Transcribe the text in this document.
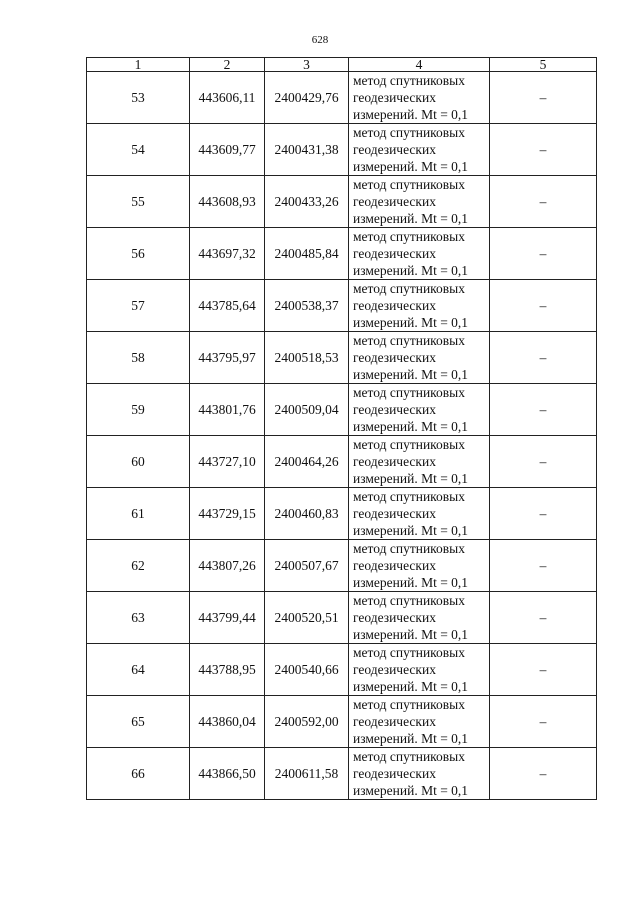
628
1	2	3	4	5
53	443606,11	2400429,76	метод спутниковых
геодезических
измерений. Mt = 0,1	–
54	443609,77	2400431,38	метод спутниковых
геодезических
измерений. Mt = 0,1	–
55	443608,93	2400433,26	метод спутниковых
геодезических
измерений. Mt = 0,1	–
56	443697,32	2400485,84	метод спутниковых
геодезических
измерений. Mt = 0,1	–
57	443785,64	2400538,37	метод спутниковых
геодезических
измерений. Mt = 0,1	–
58	443795,97	2400518,53	метод спутниковых
геодезических
измерений. Mt = 0,1	–
59	443801,76	2400509,04	метод спутниковых
геодезических
измерений. Mt = 0,1	–
60	443727,10	2400464,26	метод спутниковых
геодезических
измерений. Mt = 0,1	–
61	443729,15	2400460,83	метод спутниковых
геодезических
измерений. Mt = 0,1	–
62	443807,26	2400507,67	метод спутниковых
геодезических
измерений. Mt = 0,1	–
63	443799,44	2400520,51	метод спутниковых
геодезических
измерений. Mt = 0,1	–
64	443788,95	2400540,66	метод спутниковых
геодезических
измерений. Mt = 0,1	–
65	443860,04	2400592,00	метод спутниковых
геодезических
измерений. Mt = 0,1	–
66	443866,50	2400611,58	метод спутниковых
геодезических
измерений. Mt = 0,1	–
